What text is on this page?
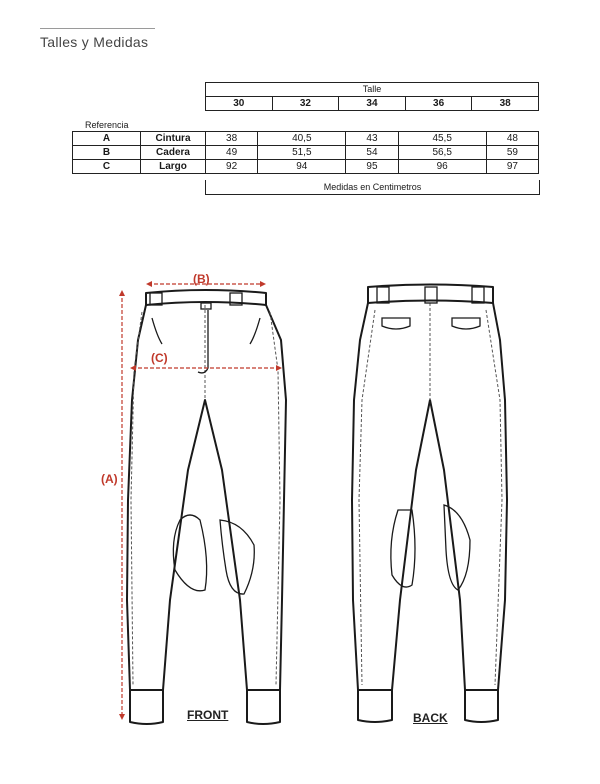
Talles y Medidas
Talle
30	32	34	36	38
Referencia
A	Cintura	38	40,5	43	45,5	48
B	Cadera	49	51,5	54	56,5	59
C	Largo	92	94	95	96	97
Medidas en Centimetros
(B)
(C)
(A)
FRONT	BACK
